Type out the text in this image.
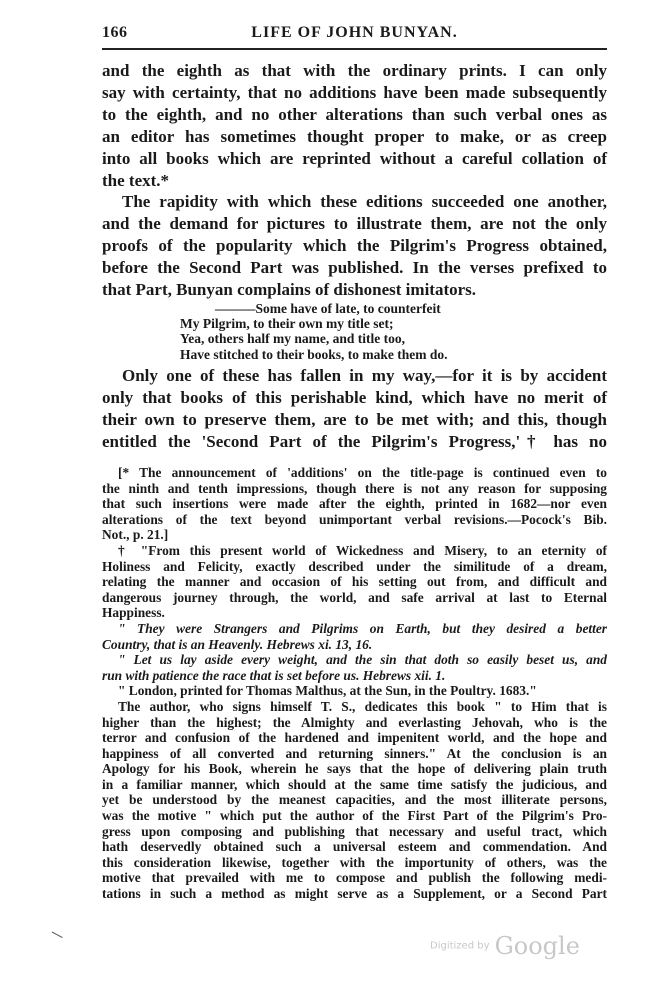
166	LIFE OF JOHN BUNYAN.
and the eighth as that with the ordinary prints. I can only
say with certainty, that no additions have been made subsequently
to the eighth, and no other alterations than such verbal ones as
an editor has sometimes thought proper to make, or as creep
into all books which are reprinted without a careful collation of
the text.*
The rapidity with which these editions succeeded one another,
and the demand for pictures to illustrate them, are not the only
proofs of the popularity which the Pilgrim's Progress obtained,
before the Second Part was published. In the verses prefixed to
that Part, Bunyan complains of dishonest imitators.
———Some have of late, to counterfeit
My Pilgrim, to their own my title set;
Yea, others half my name, and title too,
Have stitched to their books, to make them do.
Only one of these has fallen in my way,—for it is by accident
only that books of this perishable kind, which have no merit of
their own to preserve them, are to be met with; and this, though
entitled the 'Second Part of the Pilgrim's Progress,'† has no
[* The announcement of 'additions' on the title-page is continued even to
the ninth and tenth impressions, though there is not any reason for supposing
that such insertions were made after the eighth, printed in 1682—nor even
alterations of the text beyond unimportant verbal revisions.—Pocock's Bib.
Not., p. 21.]
† "From this present world of Wickedness and Misery, to an eternity of
Holiness and Felicity, exactly described under the similitude of a dream,
relating the manner and occasion of his setting out from, and difficult and
dangerous journey through, the world, and safe arrival at last to Eternal
Happiness.
" They were Strangers and Pilgrims on Earth, but they desired a better
Country, that is an Heavenly. Hebrews xi. 13, 16.
" Let us lay aside every weight, and the sin that doth so easily beset us, and
run with patience the race that is set before us. Hebrews xii. 1.
" London, printed for Thomas Malthus, at the Sun, in the Poultry. 1683."
The author, who signs himself T. S., dedicates this book " to Him that is
higher than the highest; the Almighty and everlasting Jehovah, who is the
terror and confusion of the hardened and impenitent world, and the hope and
happiness of all converted and returning sinners." At the conclusion is an
Apology for his Book, wherein he says that the hope of delivering plain truth
in a familiar manner, which should at the same time satisfy the judicious, and
yet be understood by the meanest capacities, and the most illiterate persons,
was the motive " which put the author of the First Part of the Pilgrim's Pro-
gress upon composing and publishing that necessary and useful tract, which
hath deservedly obtained such a universal esteem and commendation. And
this consideration likewise, together with the importunity of others, was the
motive that prevailed with me to compose and publish the following medi-
tations in such a method as might serve as a Supplement, or a Second Part
Digitized by Google
